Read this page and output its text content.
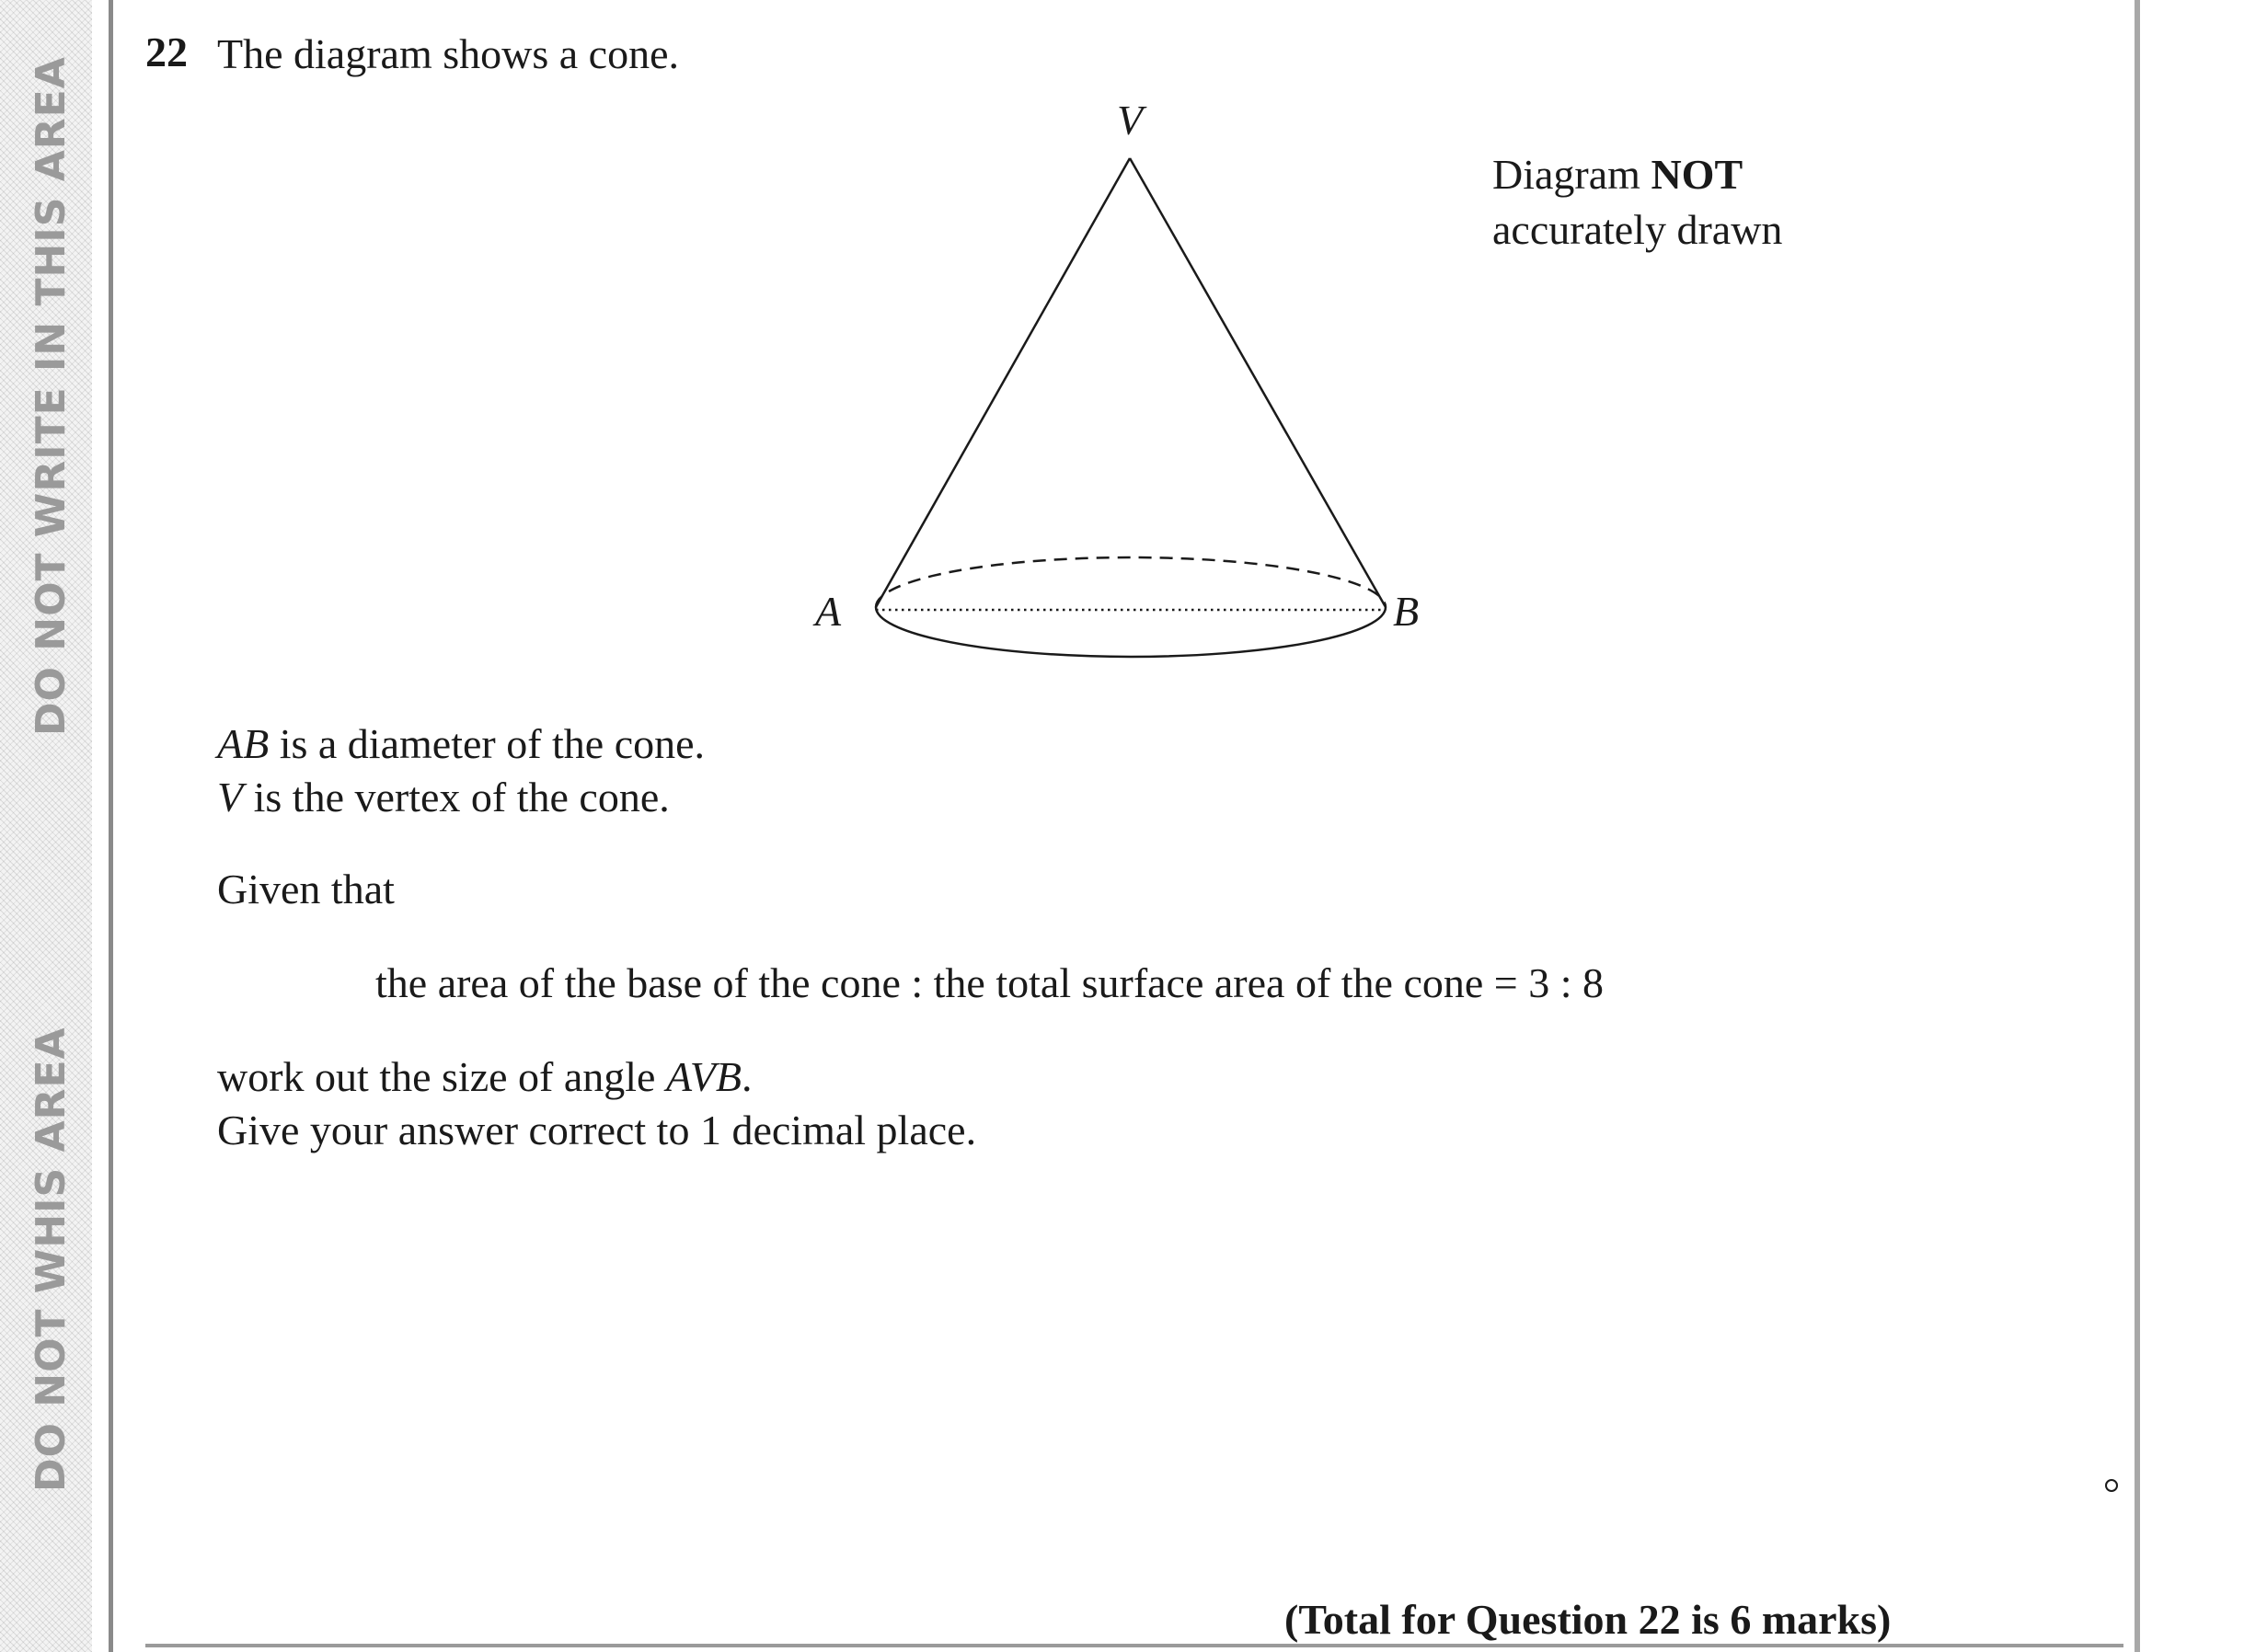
DO NOT WRITE IN THIS AREA
DO NOT WHIS AREA
22 The diagram shows a cone.
Diagram NOT
accurately drawn
V
A	B
AB is a diameter of the cone.
V is the vertex of the cone.
Given that
the area of the base of the cone : the total surface area of the cone = 3 : 8
work out the size of angle AVB.
Give your answer correct to 1 decimal place.
(Total for Question 22 is 6 marks)
